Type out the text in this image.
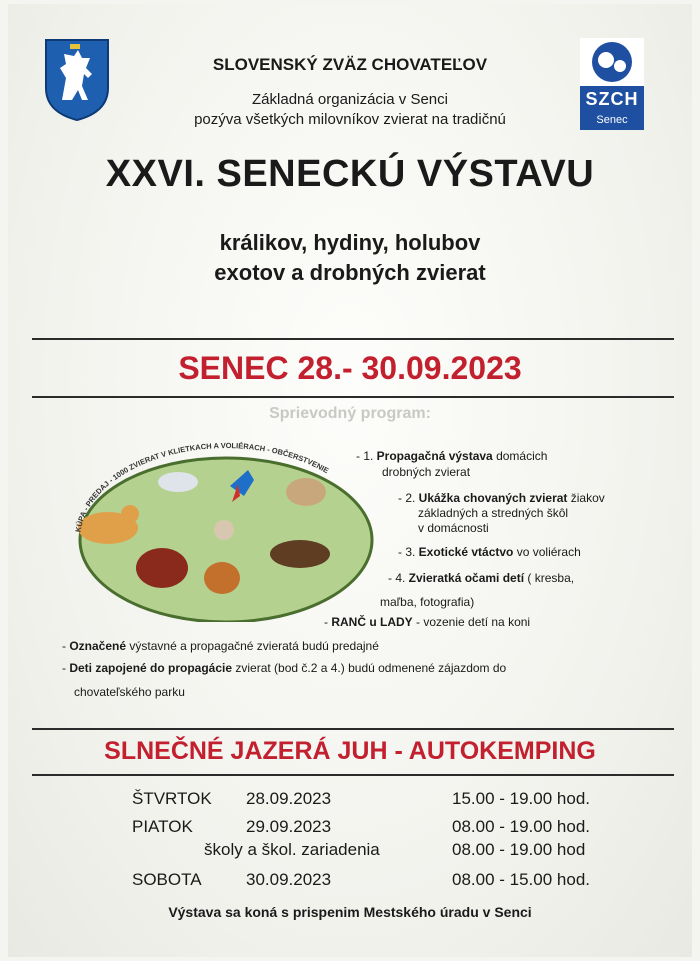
SZCH
Senec
SLOVENSKÝ ZVÄZ CHOVATEĽOV
Základná organizácia v Senci
pozýva všetkých milovníkov zvierat na tradičnú
XXVI. SENECKÚ VÝSTAVU
králikov, hydiny, holubov
exotov a drobných zvierat
SENEC 28.- 30.09.2023
Sprievodný program:
KÚPA - PREDAJ - 1000 ZVIERAT V KLIETKACH A VOLIÉRACH - OBČERSTVENIE
- 1. Propagačná výstava domácich
drobných zvierat
- 2. Ukážka chovaných zvierat žiakov
základných a stredných škôl
v domácnosti
- 3. Exotické vtáctvo vo voliérach
- 4. Zvieratká očami detí ( kresba,
maľba, fotografia)
- RANČ u LADY - vozenie detí na koni
- Označené výstavné a propagačné zvieratá budú predajné
- Deti zapojené do propagácie zvierat (bod č.2 a 4.) budú odmenené zájazdom do
chovateľského parku
SLNEČNÉ JAZERÁ JUH - AUTOKEMPING
ŠTVRTOK 28.09.2023	15.00 - 19.00 hod.
PIATOK	29.09.2023	08.00 - 19.00 hod.
školy a škol. zariadenia	08.00 - 19.00 hod
SOBOTA	30.09.2023	08.00 - 15.00 hod.
Výstava sa koná s prispenim Mestského úradu v Senci
